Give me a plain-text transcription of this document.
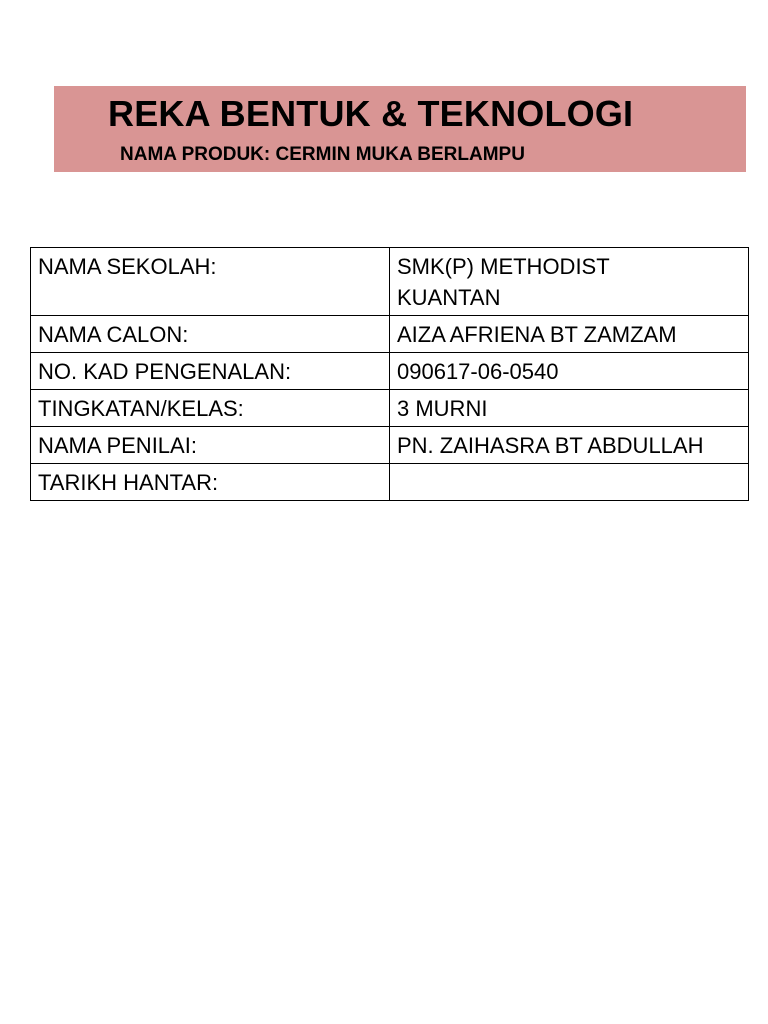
REKA BENTUK & TEKNOLOGI
NAMA PRODUK: CERMIN MUKA BERLAMPU
NAMA SEKOLAH:	SMK(P) METHODIST
KUANTAN
NAMA CALON:	AIZA AFRIENA BT ZAMZAM
NO. KAD PENGENALAN:	090617-06-0540
TINGKATAN/KELAS:	3 MURNI
NAMA PENILAI:	PN. ZAIHASRA BT ABDULLAH
TARIKH HANTAR:	
